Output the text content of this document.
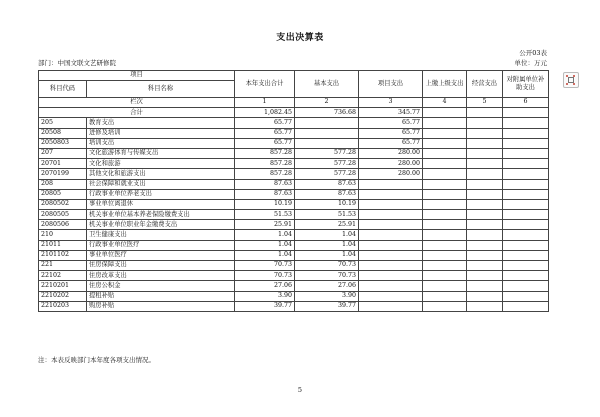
支出决算表
公开03表
部门：中国文联文艺研修院	单位：万元
项目		本年支出合计	基本支出	项目支出	上缴上级支出	经营支出	对附属单位补助支出
科目代码	科目名称						
栏次		1	2	3	4	5	6
合计		1,082.45	736.68	345.77			
205	教育支出	65.77		65.77			
20508	进修及培训	65.77		65.77			
2050803	培训支出	65.77		65.77			
207	文化旅游体育与传媒支出	857.28	577.28	280.00			
20701	文化和旅游	857.28	577.28	280.00			
2070199	其他文化和旅游支出	857.28	577.28	280.00			
208	社会保障和就业支出	87.63	87.63				
20805	行政事业单位养老支出	87.63	87.63				
2080502	事业单位离退休	10.19	10.19				
2080505	机关事业单位基本养老保险缴费支出	51.53	51.53				
2080506	机关事业单位职业年金缴费支出	25.91	25.91				
210	卫生健康支出	1.04	1.04				
21011	行政事业单位医疗	1.04	1.04				
2101102	事业单位医疗	1.04	1.04				
221	住房保障支出	70.73	70.73				
22102	住房改革支出	70.73	70.73				
2210201	住房公积金	27.06	27.06				
2210202	提租补贴	3.90	3.90				
2210203	购房补贴	39.77	39.77				
注：本表反映部门本年度各项支出情况。
5
